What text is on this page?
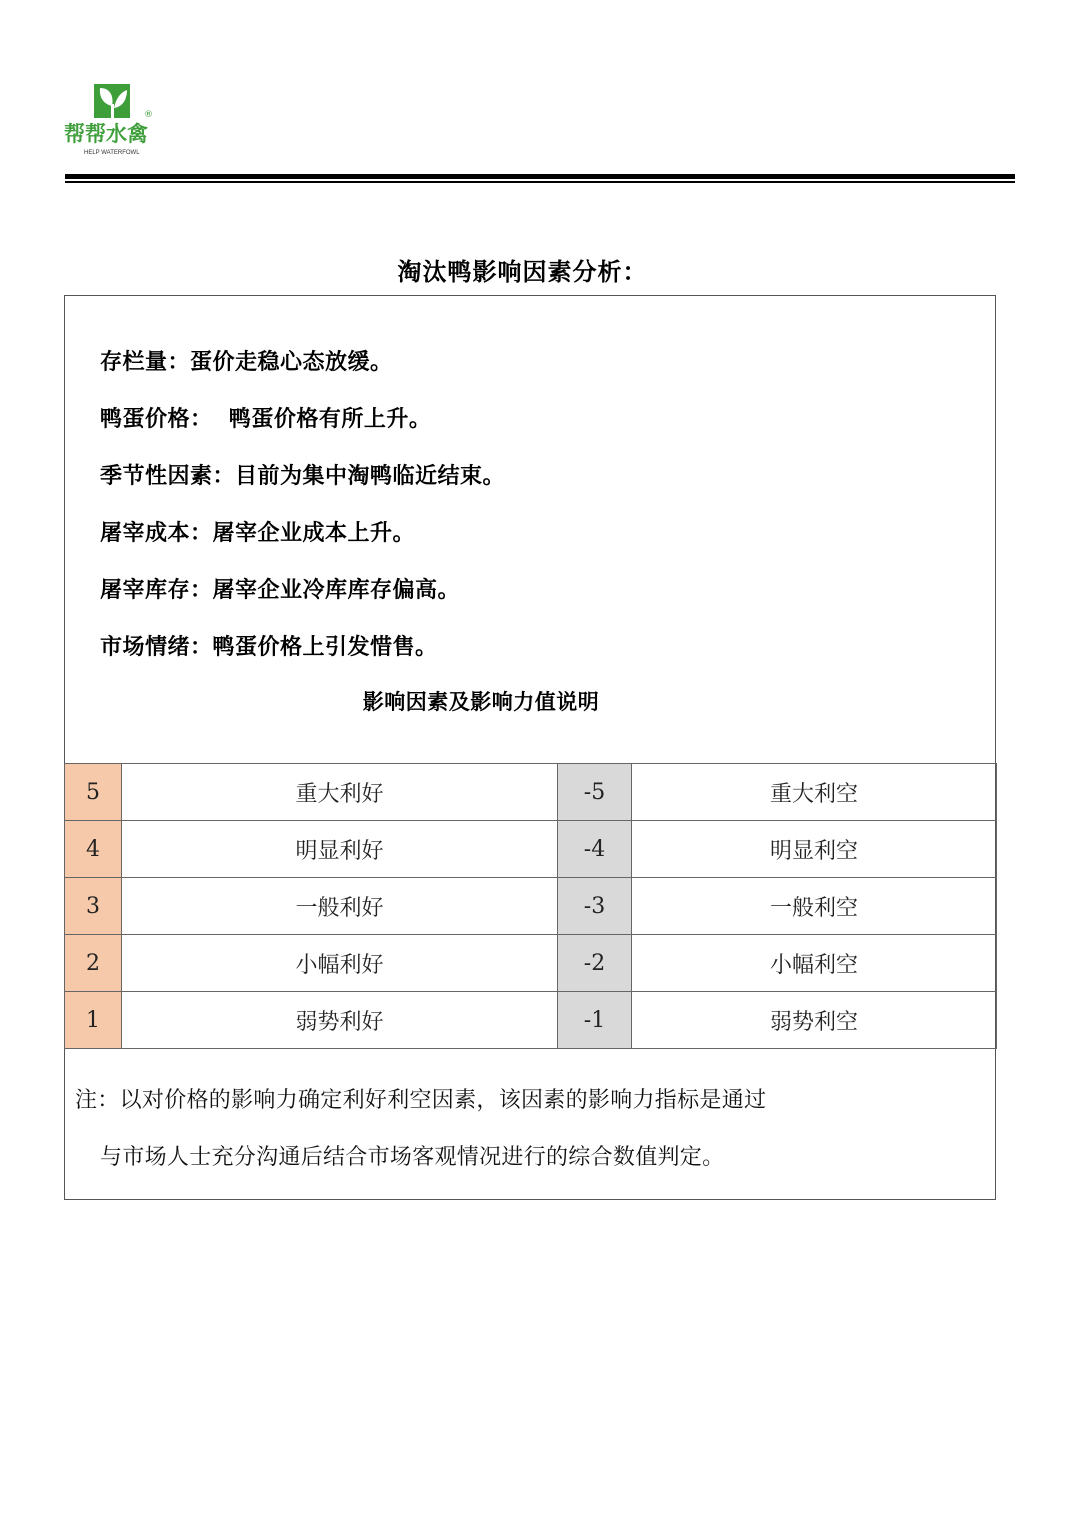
®
帮帮水禽
HELP WATERFOWL
淘汰鸭影响因素分析：
存栏量：蛋价走稳心态放缓。
鸭蛋价格：  鸭蛋价格有所上升。
季节性因素：目前为集中淘鸭临近结束。
屠宰成本：屠宰企业成本上升。
屠宰库存：屠宰企业冷库库存偏高。
市场情绪：鸭蛋价格上引发惜售。
影响因素及影响力值说明
5	重大利好	-5	重大利空
4	明显利好	-4	明显利空
3	一般利好	-3	一般利空
2	小幅利好	-2	小幅利空
1	弱势利好	-1	弱势利空
注：以对价格的影响力确定利好利空因素，该因素的影响力指标是通过
与市场人士充分沟通后结合市场客观情况进行的综合数值判定。
